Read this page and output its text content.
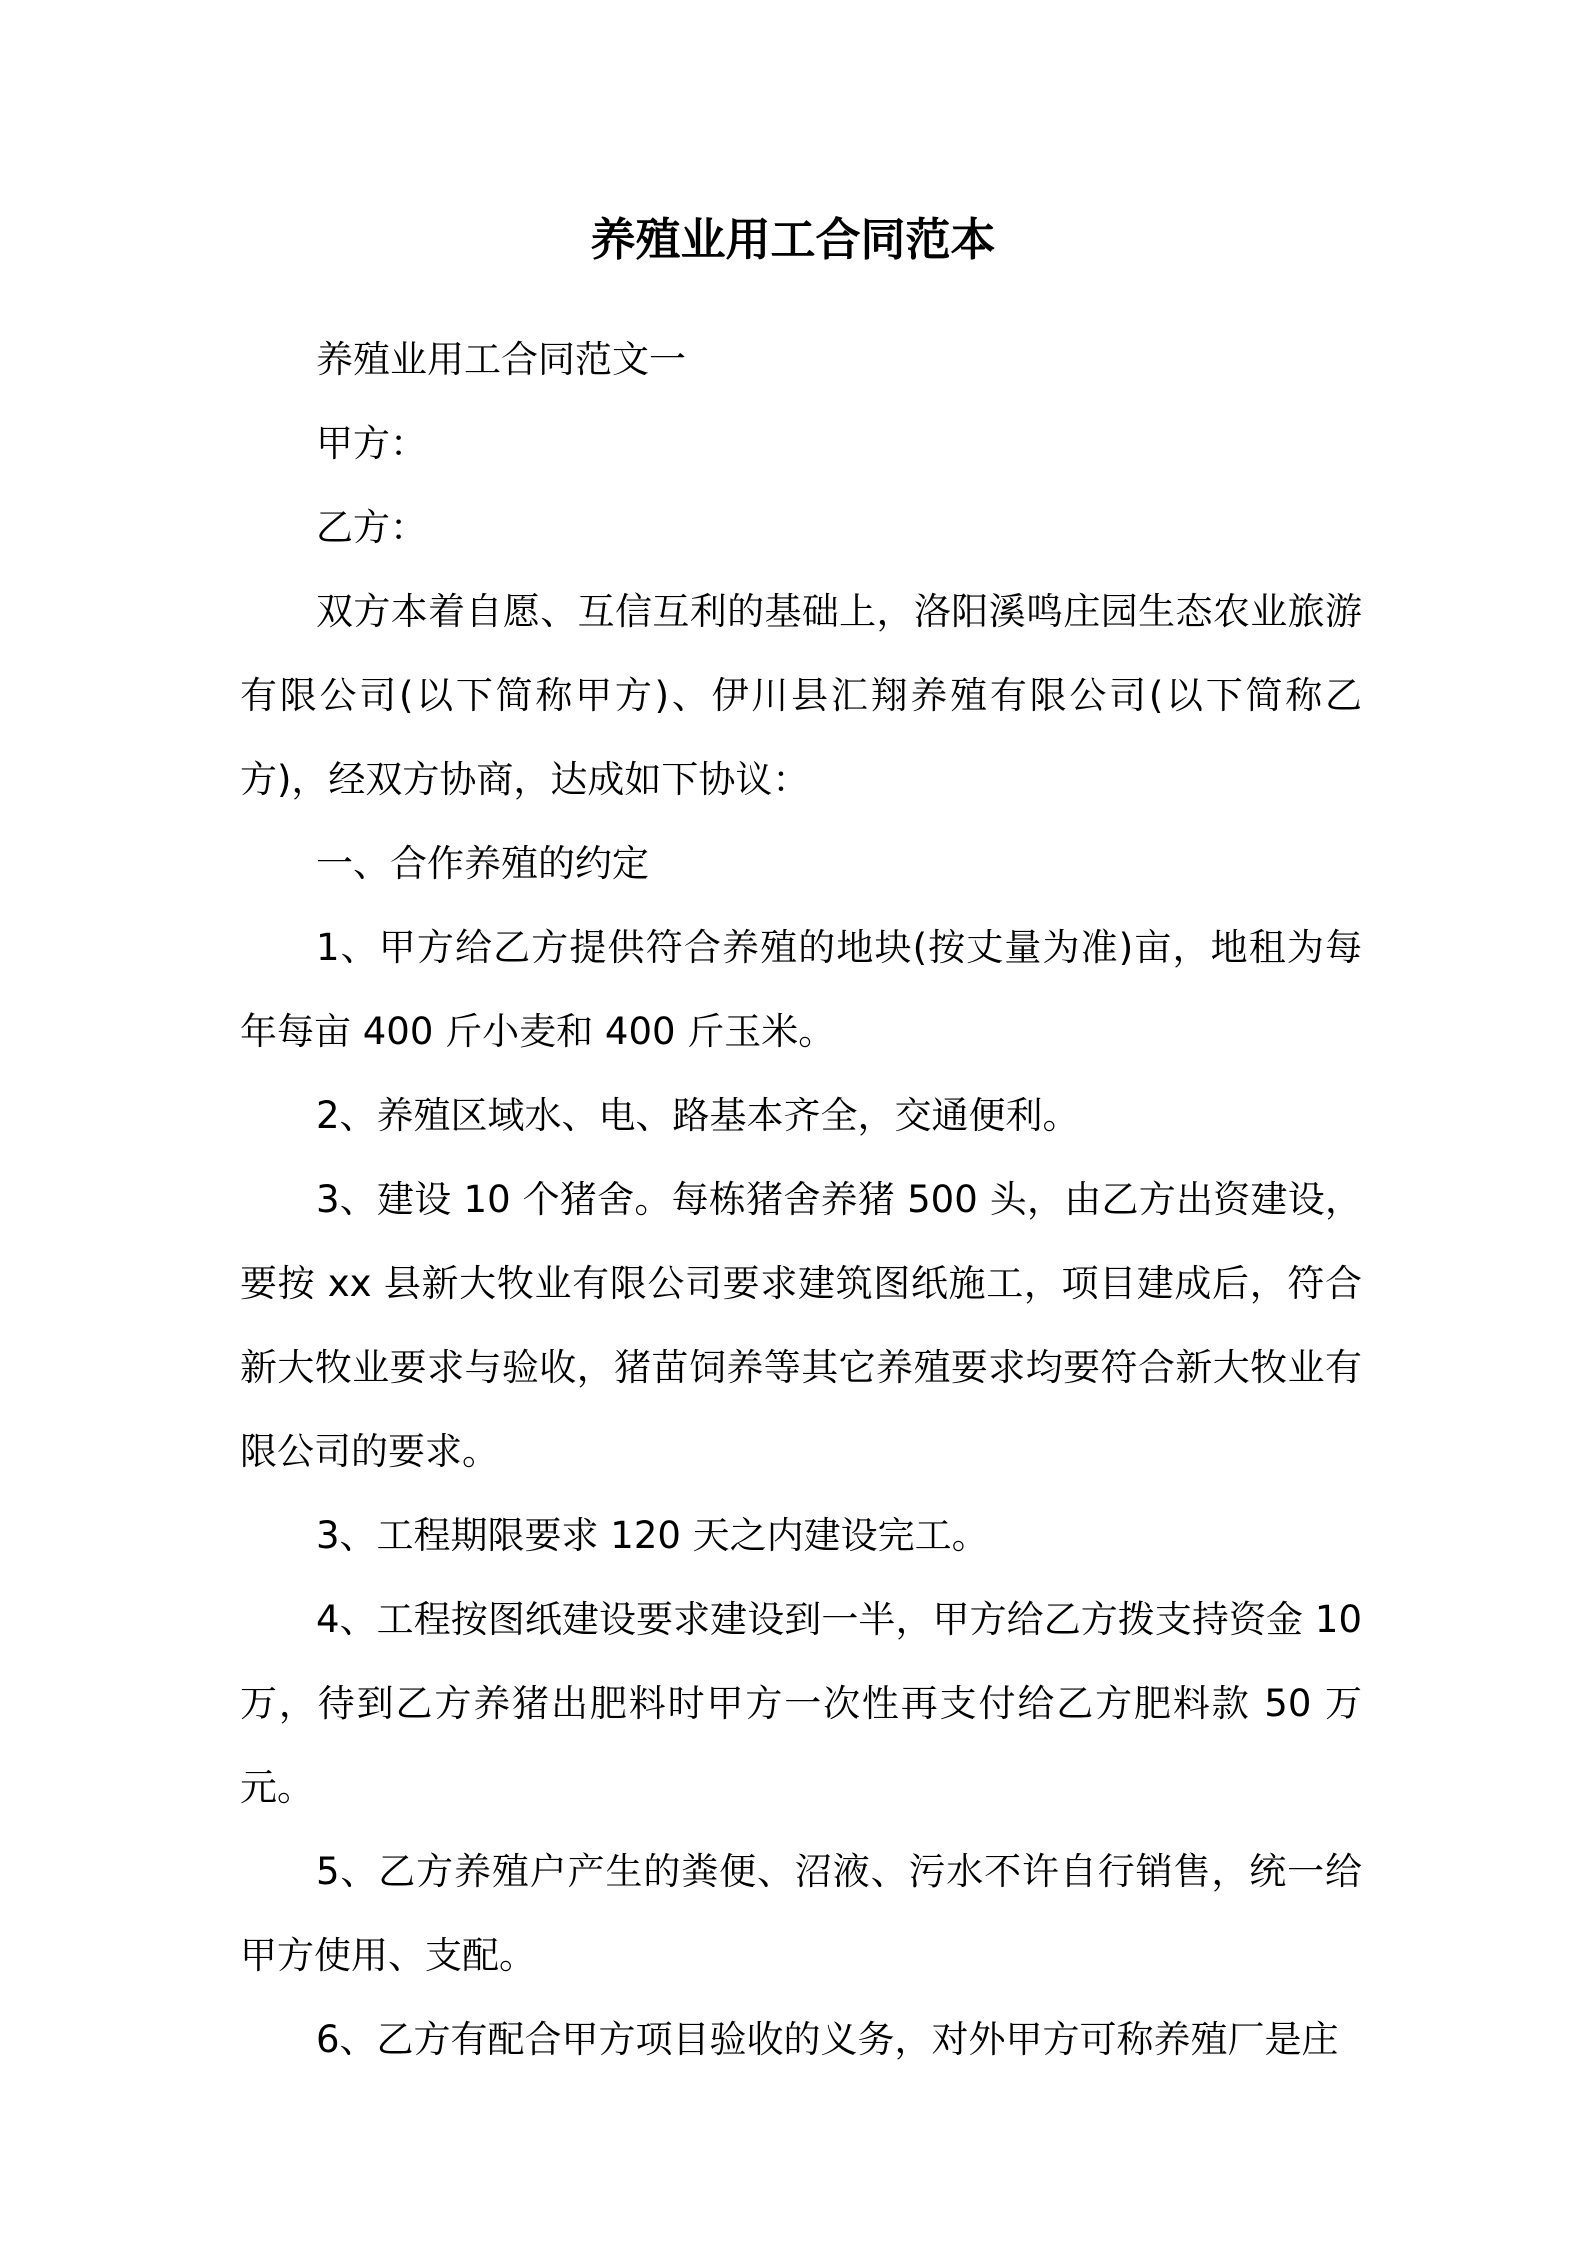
养殖业用工合同范本

养殖业用工合同范文一

甲方：

乙方：

双方本着自愿、互信互利的基础上，洛阳溪鸣庄园生态农业旅游有限公司(以下简称甲方)、伊川县汇翔养殖有限公司(以下简称乙方)，经双方协商，达成如下协议：

一、合作养殖的约定

1、甲方给乙方提供符合养殖的地块(按丈量为准)亩，地租为每年每亩 400 斤小麦和 400 斤玉米。

2、养殖区域水、电、路基本齐全，交通便利。

3、建设 10 个猪舍。每栋猪舍养猪 500 头，由乙方出资建设，要按 xx 县新大牧业有限公司要求建筑图纸施工，项目建成后，符合新大牧业要求与验收，猪苗饲养等其它养殖要求均要符合新大牧业有限公司的要求。

3、工程期限要求 120 天之内建设完工。

4、工程按图纸建设要求建设到一半，甲方给乙方拨支持资金 10 万，待到乙方养猪出肥料时甲方一次性再支付给乙方肥料款 50 万元。

5、乙方养殖户产生的粪便、沼液、污水不许自行销售，统一给甲方使用、支配。

6、乙方有配合甲方项目验收的义务，对外甲方可称养殖厂是庄
